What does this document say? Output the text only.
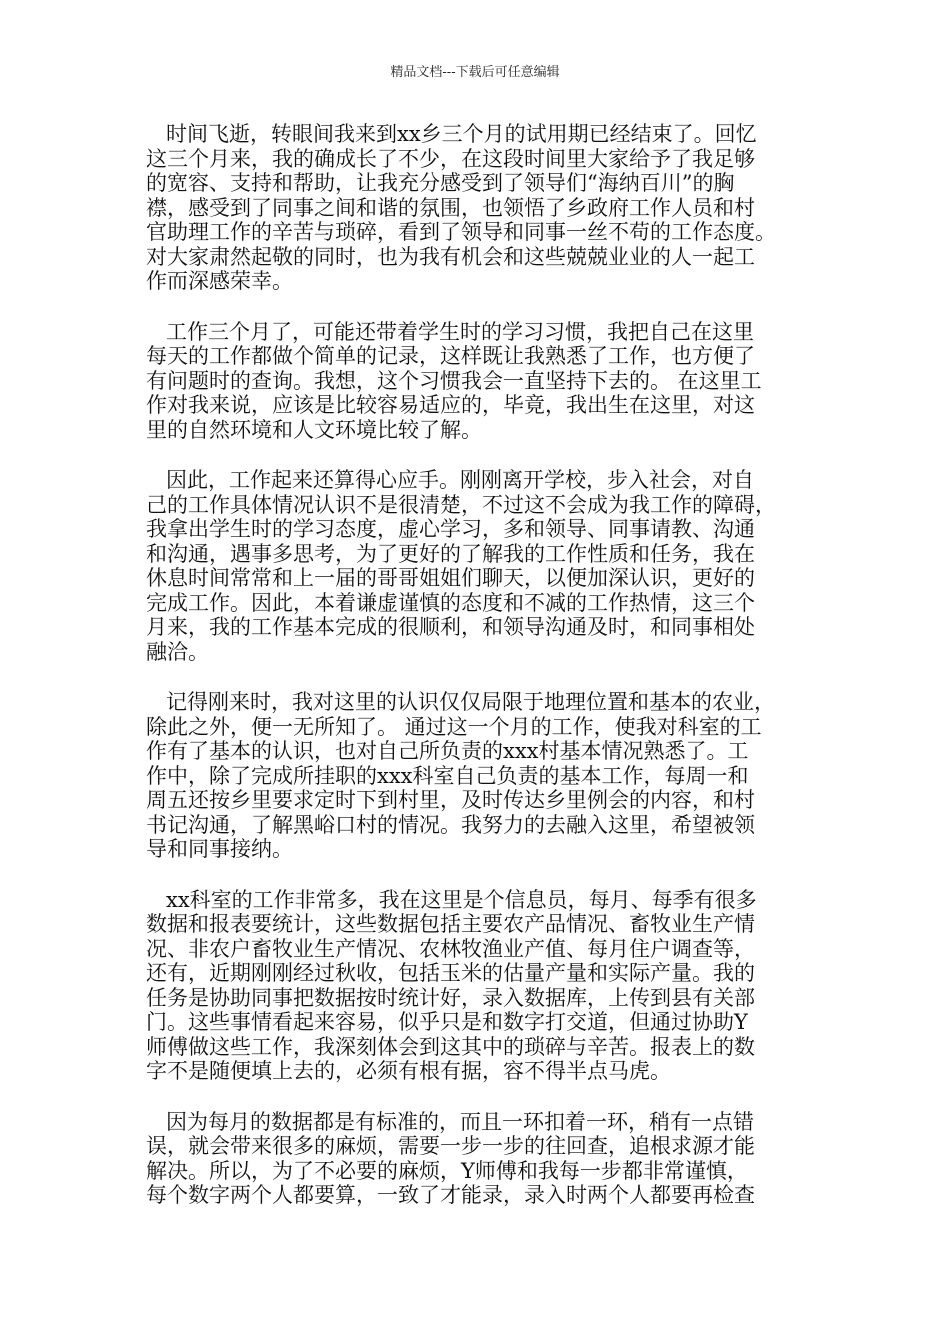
精品文档---下载后可任意编辑
时间飞逝，转眼间我来到xx乡三个月的试用期已经结束了。回忆
这三个月来，我的确成长了不少，在这段时间里大家给予了我足够
的宽容、支持和帮助，让我充分感受到了领导们“海纳百川”的胸
襟，感受到了同事之间和谐的氛围，也领悟了乡政府工作人员和村
官助理工作的辛苦与琐碎，看到了领导和同事一丝不苟的工作态度。
对大家肃然起敬的同时，也为我有机会和这些兢兢业业的人一起工
作而深感荣幸。
工作三个月了，可能还带着学生时的学习习惯，我把自己在这里
每天的工作都做个简单的记录，这样既让我熟悉了工作，也方便了
有问题时的查询。我想，这个习惯我会一直坚持下去的。 在这里工
作对我来说，应该是比较容易适应的，毕竟，我出生在这里，对这
里的自然环境和人文环境比较了解。
因此，工作起来还算得心应手。刚刚离开学校，步入社会，对自
己的工作具体情况认识不是很清楚，不过这不会成为我工作的障碍，
我拿出学生时的学习态度，虚心学习，多和领导、同事请教、沟通
和沟通，遇事多思考，为了更好的了解我的工作性质和任务，我在
休息时间常常和上一届的哥哥姐姐们聊天，以便加深认识，更好的
完成工作。因此，本着谦虚谨慎的态度和不减的工作热情，这三个
月来，我的工作基本完成的很顺利，和领导沟通及时，和同事相处
融洽。
记得刚来时，我对这里的认识仅仅局限于地理位置和基本的农业，
除此之外，便一无所知了。 通过这一个月的工作，使我对科室的工
作有了基本的认识，也对自己所负责的xxx村基本情况熟悉了。工
作中，除了完成所挂职的xxx科室自己负责的基本工作，每周一和
周五还按乡里要求定时下到村里，及时传达乡里例会的内容，和村
书记沟通，了解黑峪口村的情况。我努力的去融入这里，希望被领
导和同事接纳。
xx科室的工作非常多，我在这里是个信息员，每月、每季有很多
数据和报表要统计，这些数据包括主要农产品情况、畜牧业生产情
况、非农户畜牧业生产情况、农林牧渔业产值、每月住户调查等，
还有，近期刚刚经过秋收，包括玉米的估量产量和实际产量。我的
任务是协助同事把数据按时统计好，录入数据库，上传到县有关部
门。这些事情看起来容易，似乎只是和数字打交道，但通过协助Y
师傅做这些工作，我深刻体会到这其中的琐碎与辛苦。报表上的数
字不是随便填上去的，必须有根有据，容不得半点马虎。
因为每月的数据都是有标准的，而且一环扣着一环，稍有一点错
误，就会带来很多的麻烦，需要一步一步的往回查，追根求源才能
解决。所以，为了不必要的麻烦，Y师傅和我每一步都非常谨慎，
每个数字两个人都要算，一致了才能录，录入时两个人都要再检查
